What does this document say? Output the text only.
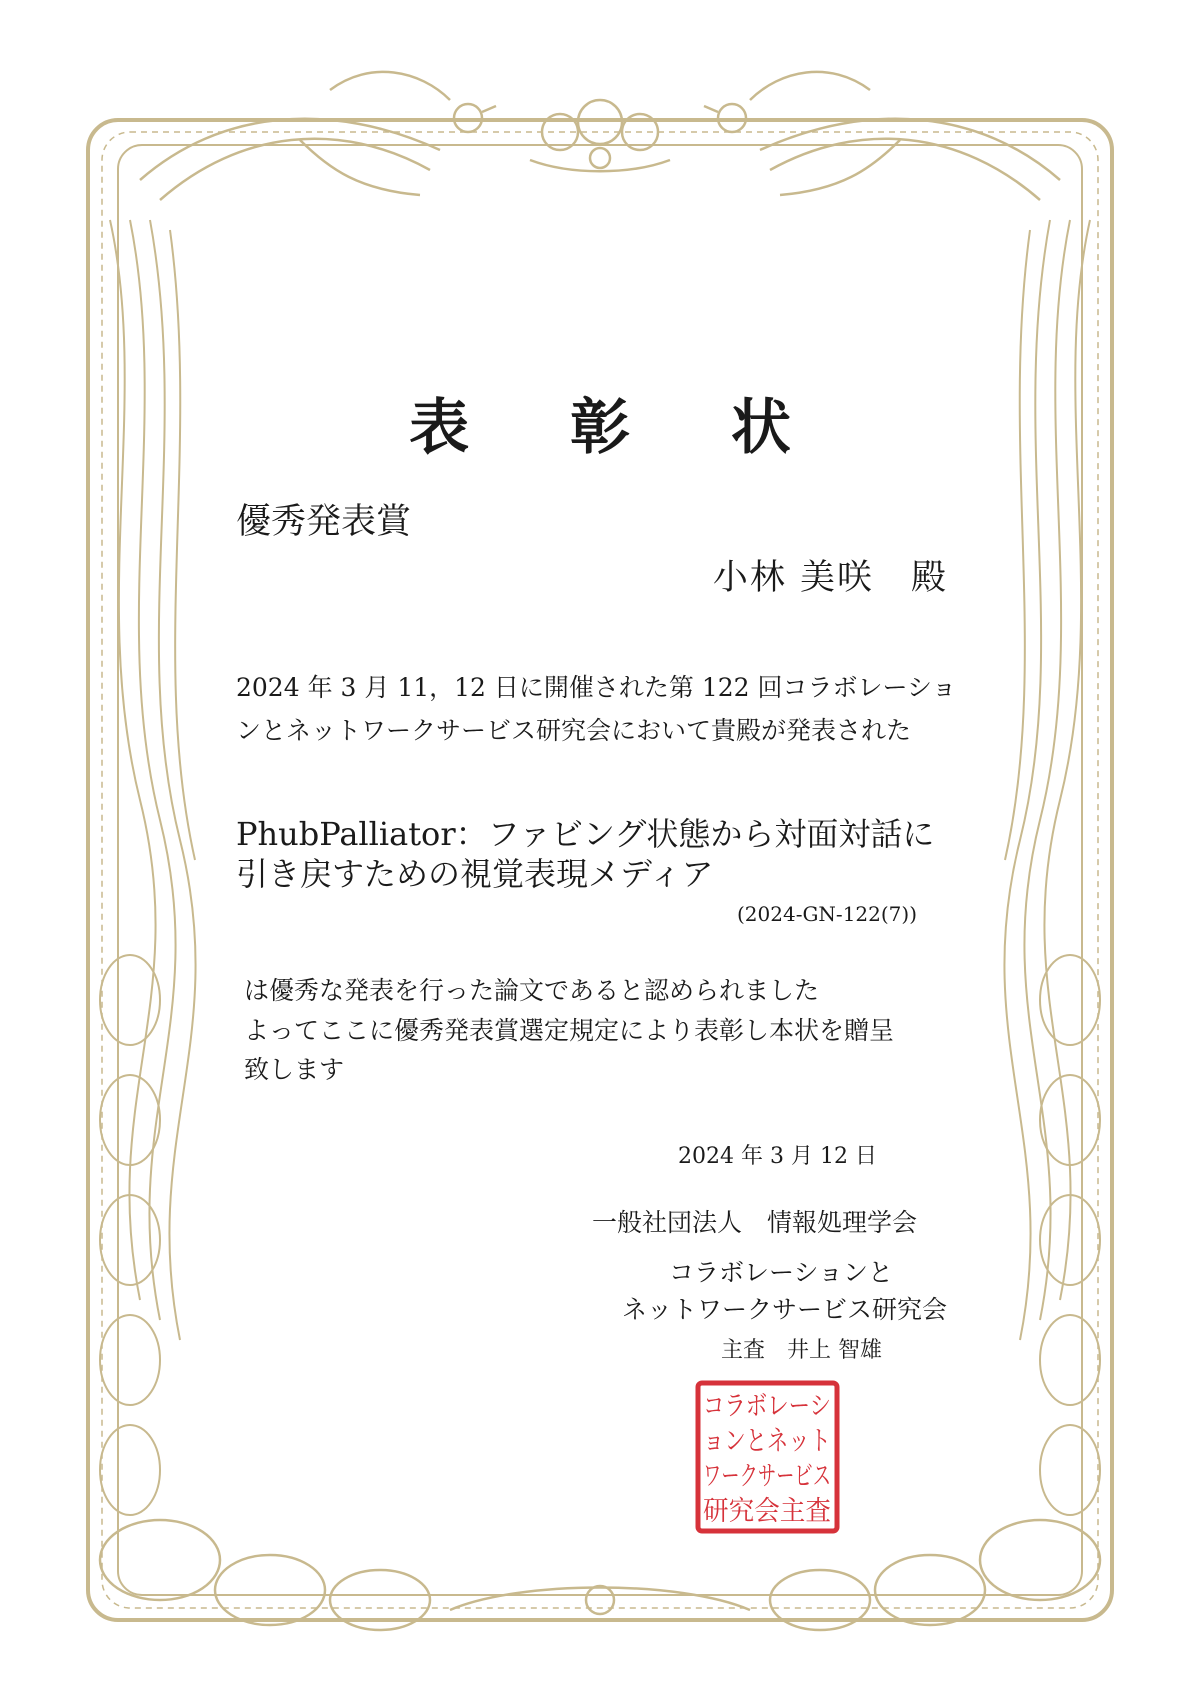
表 彰 状
優秀発表賞
小林 美咲　殿
2024 年 3 月 11，12 日に開催された第 122 回コラボレーショ
ンとネットワークサービス研究会において貴殿が発表された
PhubPalliator：ファビング状態から対面対話に
引き戻すための視覚表現メディア
(2024-GN-122(7))
は優秀な発表を行った論文であると認められました
よってここに優秀発表賞選定規定により表彰し本状を贈呈
致します
2024 年 3 月 12 日
一般社団法人　情報処理学会
コラボレーションと
ネットワークサービス研究会
主査　井上 智雄
コラボレーシ
ョンとネット
ワークサービス
研究会主査
